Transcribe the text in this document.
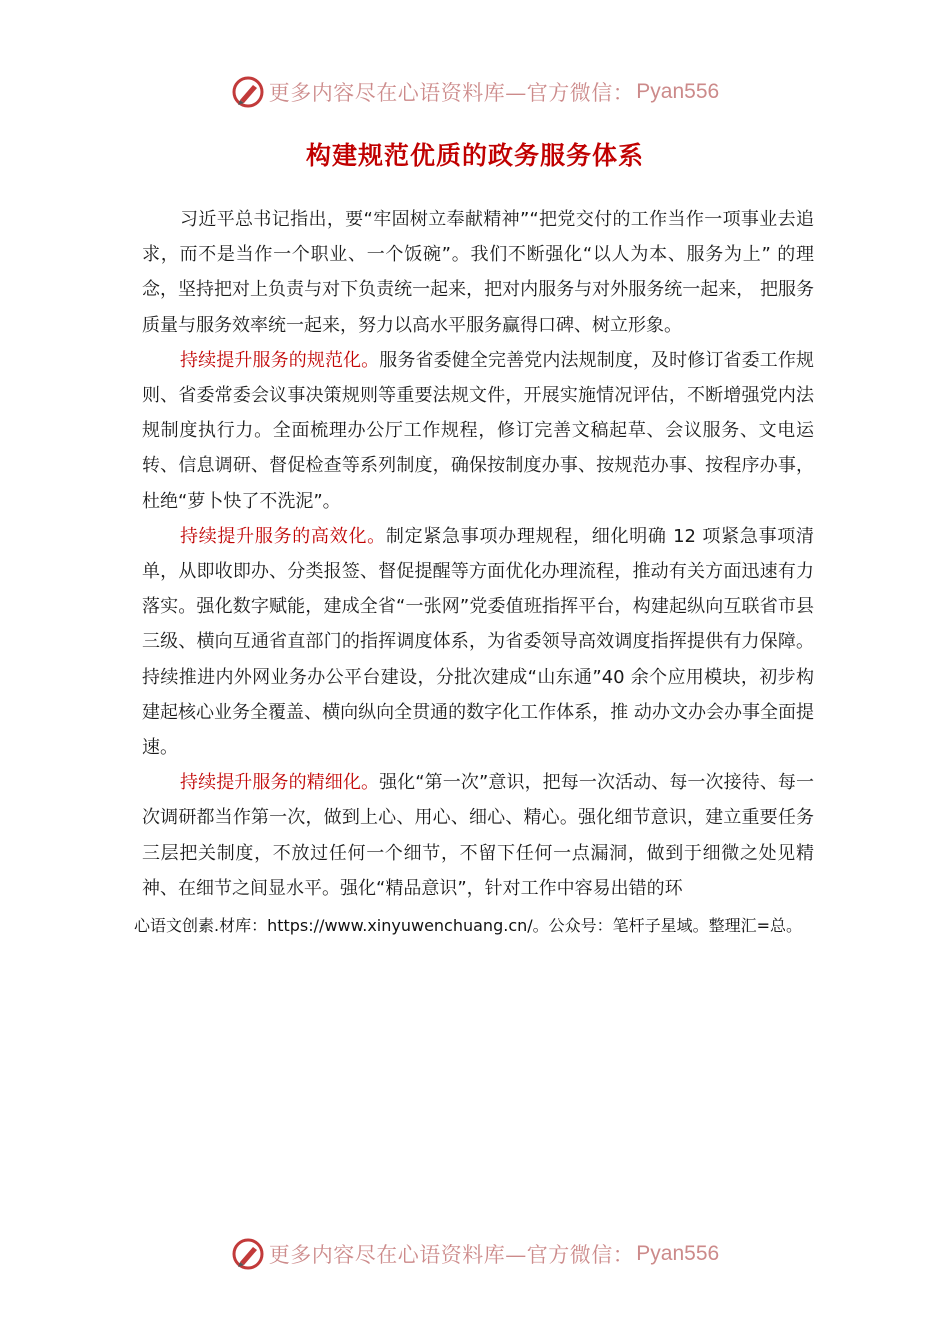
更多内容尽在心语资料库—官方微信： Pyan556
构建规范优质的政务服务体系

习近平总书记指出，要“牢固树立奉献精神”“把党交付的工作当作一项事业去追求，而不是当作一个职业、一个饭碗”。我们不断强化“以人为本、服务为上” 的理念，坚持把对上负责与对下负责统一起来，把对内服务与对外服务统一起来， 把服务质量与服务效率统一起来，努力以高水平服务赢得口碑、树立形象。

持续提升服务的规范化。服务省委健全完善党内法规制度，及时修订省委工作规则、省委常委会议事决策规则等重要法规文件，开展实施情况评估，不断增强党内法规制度执行力。全面梳理办公厅工作规程，修订完善文稿起草、会议服务、文电运转、信息调研、督促检查等系列制度，确保按制度办事、按规范办事、按程序办事，杜绝“萝卜快了不洗泥”。

持续提升服务的高效化。制定紧急事项办理规程，细化明确 12 项紧急事项清单，从即收即办、分类报签、督促提醒等方面优化办理流程，推动有关方面迅速有力落实。强化数字赋能，建成全省“一张网”党委值班指挥平台，构建起纵向互联省市县三级、横向互通省直部门的指挥调度体系，为省委领导高效调度指挥提供有力保障。持续推进内外网业务办公平台建设，分批次建成“山东通”40 余个应用模块，初步构建起核心业务全覆盖、横向纵向全贯通的数字化工作体系，推 动办文办会办事全面提速。

持续提升服务的精细化。强化“第一次”意识，把每一次活动、每一次接待、每一次调研都当作第一次，做到上心、用心、细心、精心。强化细节意识，建立重要任务三层把关制度，不放过任何一个细节，不留下任何一点漏洞，做到于细微之处见精神、在细节之间显水平。强化“精品意识”，针对工作中容易出错的环

心语文创素.材库：https://www.xinyuwenchuang.cn/。公众号：笔杆子星域。整理汇=总。
更多内容尽在心语资料库—官方微信： Pyan556
